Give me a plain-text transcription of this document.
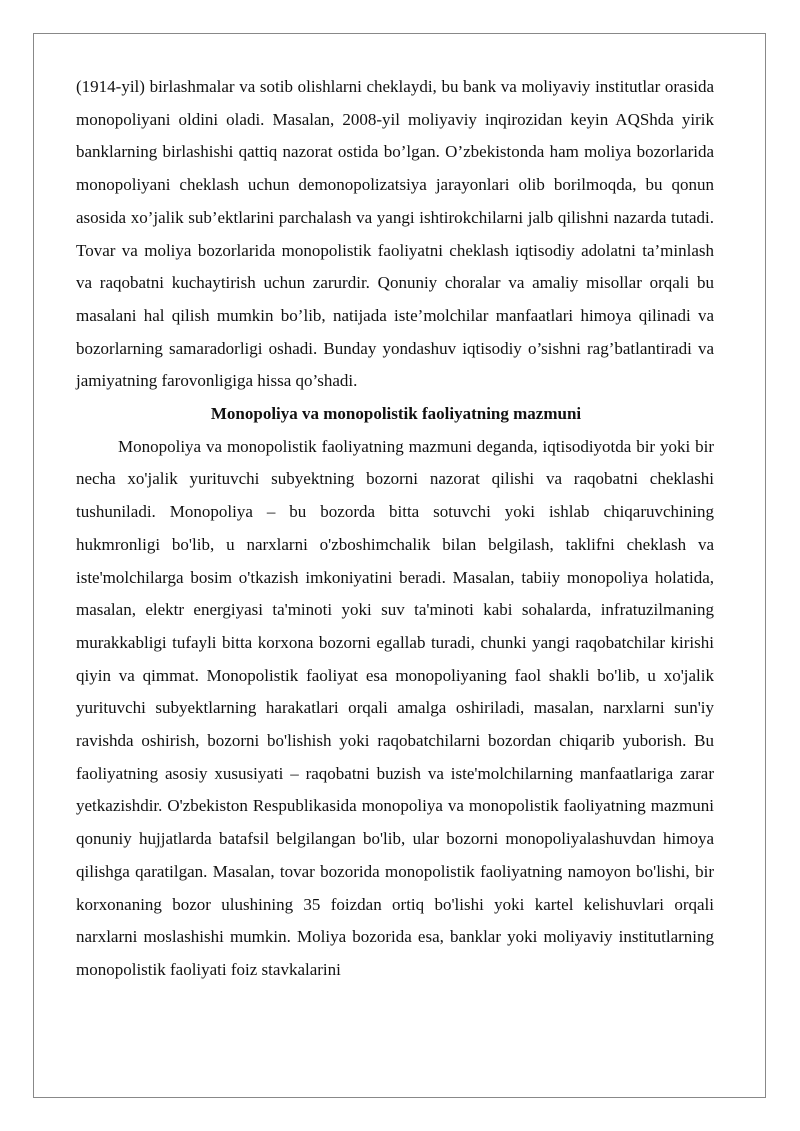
(1914-yil) birlashmalar va sotib olishlarni cheklaydi, bu bank va moliyaviy institutlar orasida monopoliyani oldini oladi. Masalan, 2008-yil moliyaviy inqirozidan keyin AQShda yirik banklarning birlashishi qattiq nazorat ostida bo’lgan. O’zbekistonda ham moliya bozorlarida monopoliyani cheklash uchun demonopolizatsiya jarayonlari olib borilmoqda, bu qonun asosida xo’jalik sub’ektlarini parchalash va yangi ishtirokchilarni jalb qilishni nazarda tutadi. Tovar va moliya bozorlarida monopolistik faoliyatni cheklash iqtisodiy adolatni ta’minlash va raqobatni kuchaytirish uchun zarurdir. Qonuniy choralar va amaliy misollar orqali bu masalani hal qilish mumkin bo’lib, natijada iste’molchilar manfaatlari himoya qilinadi va bozorlarning samaradorligi oshadi. Bunday yondashuv iqtisodiy o’sishni rag’batlantiradi va jamiyatning farovonligiga hissa qo’shadi.

Monopoliya va monopolistik faoliyatning mazmuni

Monopoliya va monopolistik faoliyatning mazmuni deganda, iqtisodiyotda bir yoki bir necha xo'jalik yurituvchi subyektning bozorni nazorat qilishi va raqobatni cheklashi tushuniladi. Monopoliya – bu bozorda bitta sotuvchi yoki ishlab chiqaruvchining hukmronligi bo'lib, u narxlarni o'zboshimchalik bilan belgilash, taklifni cheklash va iste'molchilarga bosim o'tkazish imkoniyatini beradi. Masalan, tabiiy monopoliya holatida, masalan, elektr energiyasi ta'minoti yoki suv ta'minoti kabi sohalarda, infratuzilmaning murakkabligi tufayli bitta korxona bozorni egallab turadi, chunki yangi raqobatchilar kirishi qiyin va qimmat. Monopolistik faoliyat esa monopoliyaning faol shakli bo'lib, u xo'jalik yurituvchi subyektlarning harakatlari orqali amalga oshiriladi, masalan, narxlarni sun'iy ravishda oshirish, bozorni bo'lishish yoki raqobatchilarni bozordan chiqarib yuborish. Bu faoliyatning asosiy xususiyati – raqobatni buzish va iste'molchilarning manfaatlariga zarar yetkazishdir. O'zbekiston Respublikasida monopoliya va monopolistik faoliyatning mazmuni qonuniy hujjatlarda batafsil belgilangan bo'lib, ular bozorni monopoliyalashuvdan himoya qilishga qaratilgan. Masalan, tovar bozorida monopolistik faoliyatning namoyon bo'lishi, bir korxonaning bozor ulushining 35 foizdan ortiq bo'lishi yoki kartel kelishuvlari orqali narxlarni moslashishi mumkin. Moliya bozorida esa, banklar yoki moliyaviy institutlarning monopolistik faoliyati foiz stavkalarini
